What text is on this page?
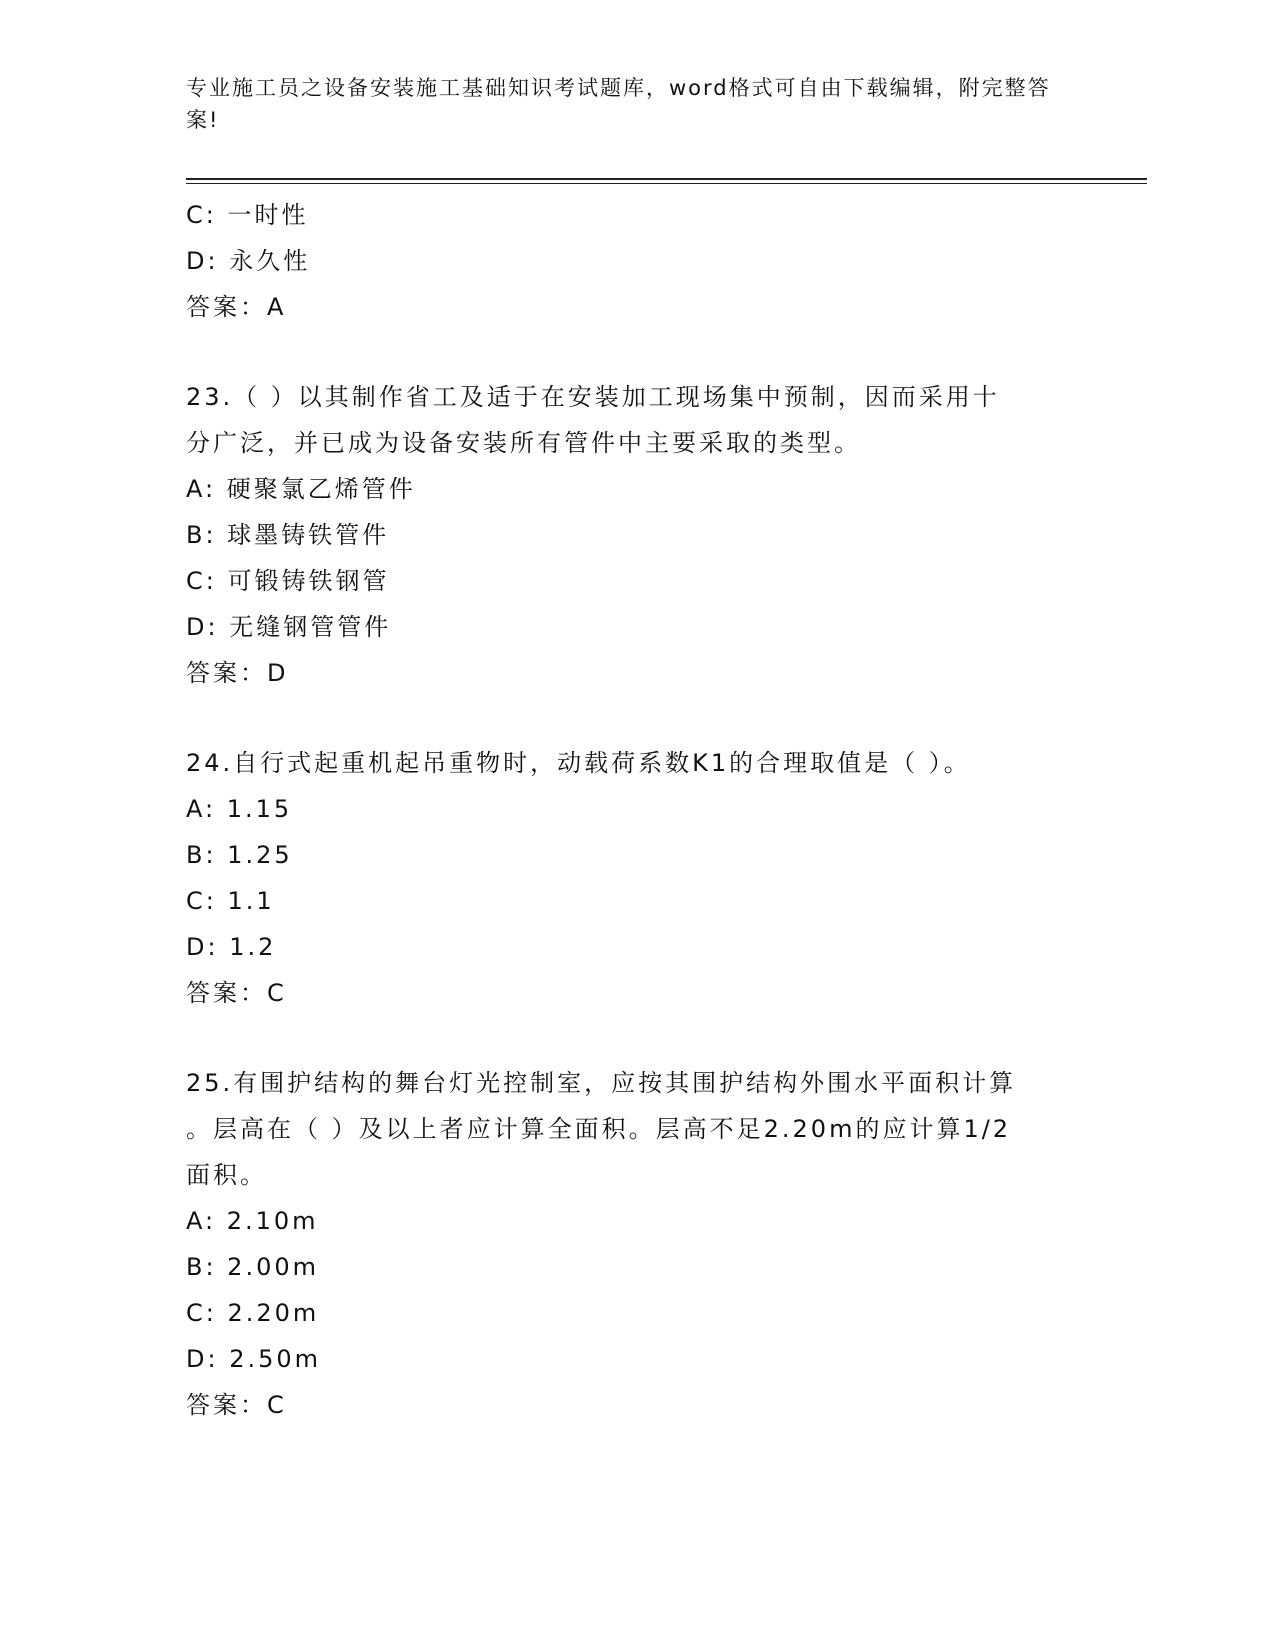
专业施工员之设备安装施工基础知识考试题库，word格式可自由下载编辑，附完整答案!
C: 一时性
D: 永久性
答案：A
23.（ ）以其制作省工及适于在安装加工现场集中预制，因而采用十
分广泛，并已成为设备安装所有管件中主要采取的类型。
A: 硬聚氯乙烯管件
B: 球墨铸铁管件
C: 可锻铸铁钢管
D: 无缝钢管管件
答案：D
24.自行式起重机起吊重物时，动载荷系数K1的合理取值是（ ）。
A: 1.15
B: 1.25
C: 1.1
D: 1.2
答案：C
25.有围护结构的舞台灯光控制室，应按其围护结构外围水平面积计算
。层高在（ ）及以上者应计算全面积。层高不足2.20m的应计算1/2
面积。
A: 2.10m
B: 2.00m
C: 2.20m
D: 2.50m
答案：C
